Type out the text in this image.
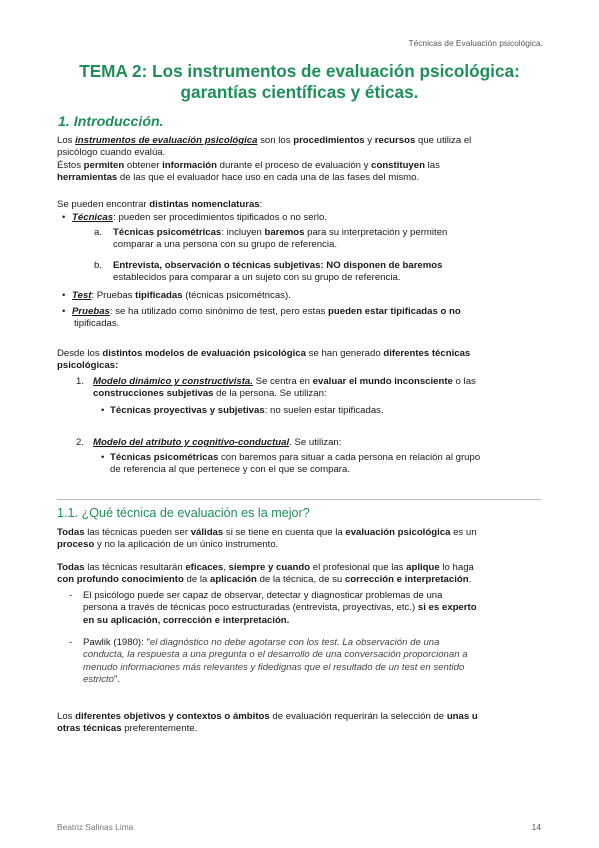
Técnicas de Evaluación psicológica.
TEMA 2: Los instrumentos de evaluación psicológica:
garantías científicas y éticas.
1. Introducción.
Los instrumentos de evaluación psicológica son los procedimientos y recursos que utiliza el
psicólogo cuando evalúa.
Éstos permiten obtener información durante el proceso de evaluación y constituyen las
herramientas de las que el evaluador hace uso en cada una de las fases del mismo.
Se pueden encontrar distintas nomenclaturas:
• Técnicas: pueden ser procedimientos tipificados o no serlo.
a. Técnicas psicométricas: incluyen baremos para su interpretación y permiten
comparar a una persona con su grupo de referencia.
b. Entrevista, observación o técnicas subjetivas: NO disponen de baremos
establecidos para comparar a un sujeto con su grupo de referencia.
• Test: Pruebas tipificadas (técnicas psicométricas).
• Pruebas: se ha utilizado como sinónimo de test, pero estas pueden estar tipificadas o no
tipificadas.
Desde los distintos modelos de evaluación psicológica se han generado diferentes técnicas
psicológicas:
1. Modelo dinámico y constructivista. Se centra en evaluar el mundo inconsciente o las
construcciones subjetivas de la persona. Se utilizan:
• Técnicas proyectivas y subjetivas: no suelen estar tipificadas.
2. Modelo del atributo y cognitivo-conductual. Se utilizan:
• Técnicas psicométricas con baremos para situar a cada persona en relación al grupo
de referencia al que pertenece y con el que se compara.
1.1. ¿Qué técnica de evaluación es la mejor?
Todas las técnicas pueden ser válidas si se tiene en cuenta que la evaluación psicológica es un
proceso y no la aplicación de un único instrumento.
Todas las técnicas resultarán eficaces, siempre y cuando el profesional que las aplique lo haga
con profundo conocimiento de la aplicación de la técnica, de su corrección e interpretación.
- El psicólogo puede ser capaz de observar, detectar y diagnosticar problemas de una
persona a través de técnicas poco estructuradas (entrevista, proyectivas, etc.) si es experto
en su aplicación, corrección e interpretación.
- Pawlik (1980): "el diagnóstico no debe agotarse con los test. La observación de una
conducta, la respuesta a una pregunta o el desarrollo de una conversación proporcionan a
menudo informaciones más relevantes y fidedignas que el resultado de un test en sentido
estricto".
Los diferentes objetivos y contextos o ámbitos de evaluación requerirán la selección de unas u
otras técnicas preferentemente.
Beatriz Salinas Lima	14
